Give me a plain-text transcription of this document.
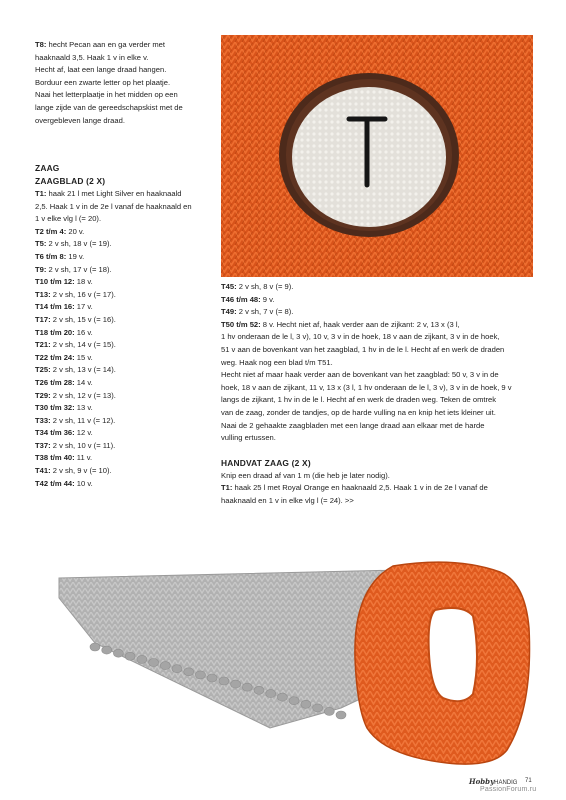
T8: hecht Pecan aan en ga verder met

haaknaald 3,5. Haak 1 v in elke v.

Hecht af, laat een lange draad hangen.

Borduur een zwarte letter op het plaatje.

Naai het letterplaatje in het midden op een

lange zijde van de gereedschapskist met de

overgebleven lange draad.

ZAAG
ZAAGBLAD (2 X)

T1: haak 21 l met Light Silver en haaknaald

2,5. Haak 1 v in de 2e l vanaf de haaknaald en

1 v elke vlg l (= 20).

T2 t/m 4: 20 v.

T5: 2 v sh, 18 v (= 19).

T6 t/m 8: 19 v.

T9: 2 v sh, 17 v (= 18).

T10 t/m 12: 18 v.

T13: 2 v sh, 16 v (= 17).

T14 t/m 16: 17 v.

T17: 2 v sh, 15 v (= 16).

T18 t/m 20: 16 v.

T21: 2 v sh, 14 v (= 15).

T22 t/m 24: 15 v.

T25: 2 v sh, 13 v (= 14).

T26 t/m 28: 14 v.

T29: 2 v sh, 12 v (= 13).

T30 t/m 32: 13 v.

T33: 2 v sh, 11 v (= 12).

T34 t/m 36: 12 v.

T37: 2 v sh, 10 v (= 11).

T38 t/m 40: 11 v.

T41: 2 v sh, 9 v (= 10).

T42 t/m 44: 10 v.

T45: 2 v sh, 8 v (= 9).

T46 t/m 48: 9 v.

T49: 2 v sh, 7 v (= 8).

T50 t/m 52: 8 v. Hecht niet af, haak verder aan de zijkant: 2 v, 13 x (3 l,

1 hv onderaan de le l, 3 v), 10 v, 3 v in de hoek, 18 v aan de zijkant, 3 v in de hoek,

51 v aan de bovenkant van het zaagblad, 1 hv in de le l. Hecht af en werk de draden

weg. Haak nog een blad t/m T51.

Hecht niet af maar haak verder aan de bovenkant van het zaagblad: 50 v, 3 v in de

hoek, 18 v aan de zijkant, 11 v, 13 x (3 l, 1 hv onderaan de le l, 3 v), 3 v in de hoek, 9 v

langs de zijkant, 1 hv in de le l. Hecht af en werk de draden weg. Teken de omtrek

van de zaag, zonder de tandjes, op de harde vulling na en knip het iets kleiner uit.

Naai de 2 gehaakte zaagbladen met een lange draad aan elkaar met de harde

vulling ertussen.

HANDVAT ZAAG (2 X)

Knip een draad af van 1 m (die heb je later nodig).

T1: haak 25 l met Royal Orange en haaknaald 2,5. Haak 1 v in de 2e l vanaf de

haaknaald en 1 v in elke vlg l (= 24). >>

HobbyHANDIG 71
PassionForum.ru
